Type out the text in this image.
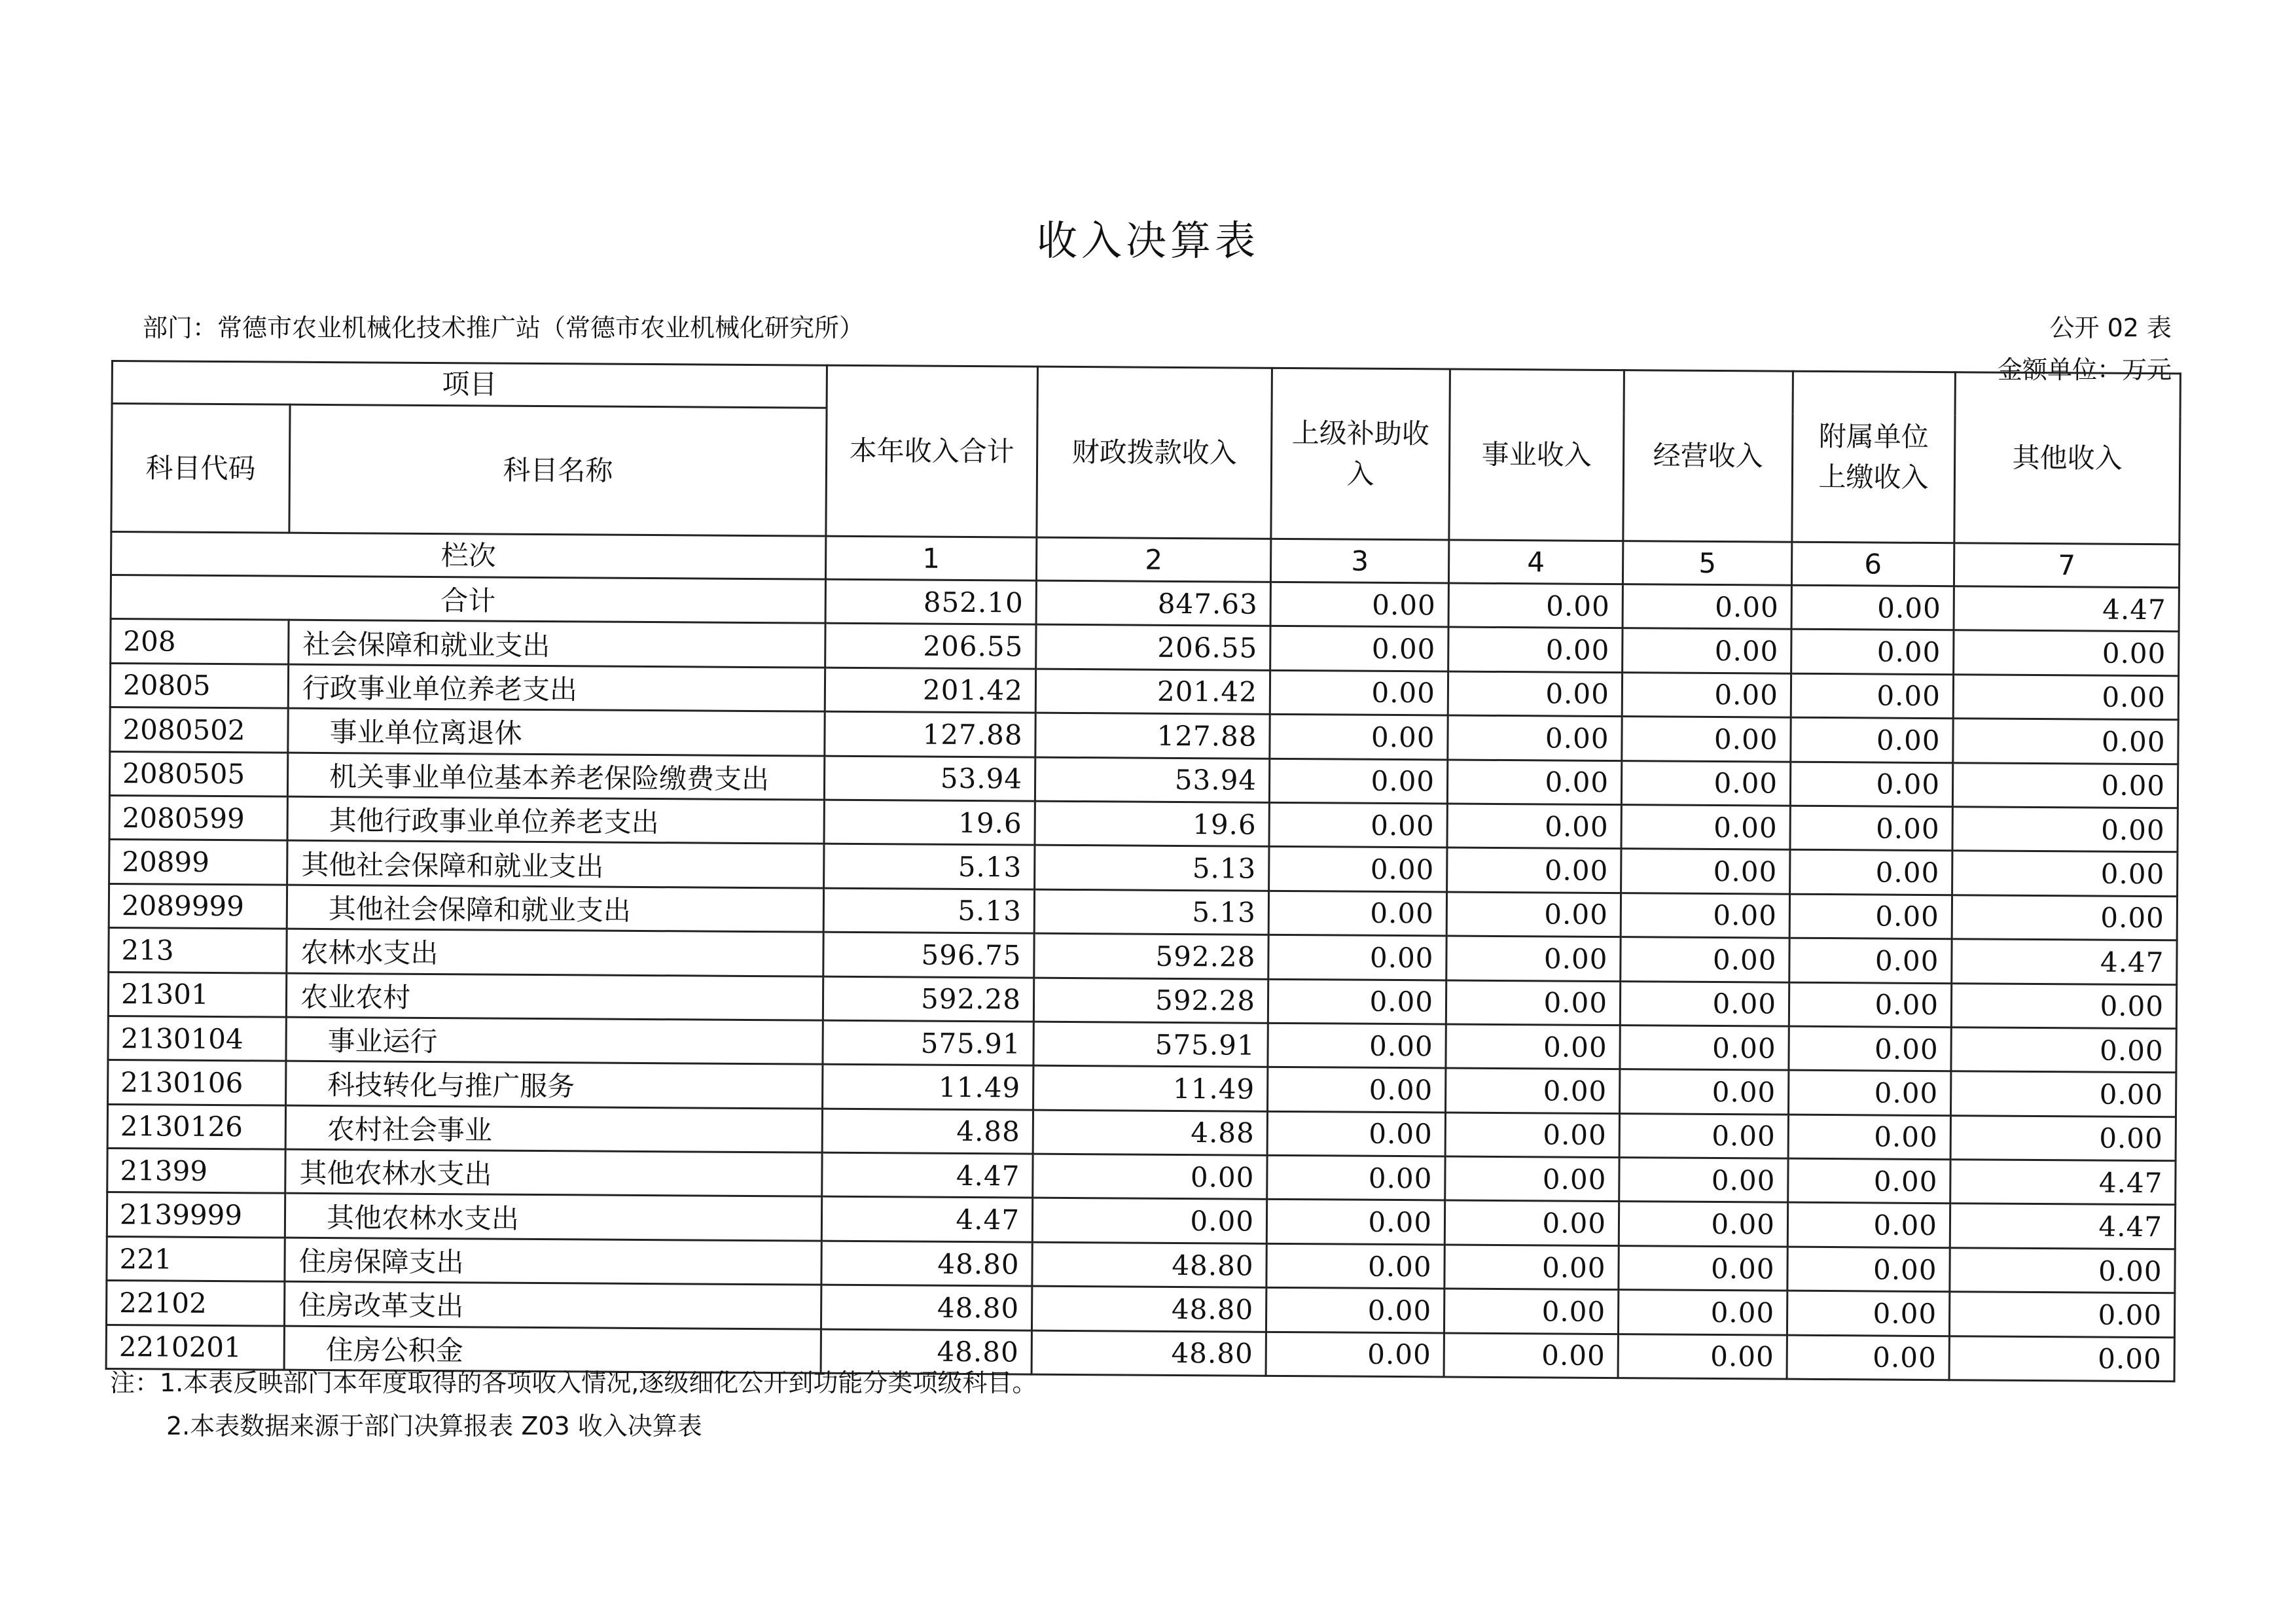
收入决算表
部门：常德市农业机械化技术推广站（常德市农业机械化研究所）	公开 02 表
金额单位：万元
项目		本年收入合计	财政拨款收入	上级补助收入	事业收入	经营收入	附属单位上缴收入	其他收入
科目代码	科目名称							
栏次		1	2	3	4	5	6	7
合计		852.10	847.63	0.00	0.00	0.00	0.00	4.47
208	社会保障和就业支出	206.55	206.55	0.00	0.00	0.00	0.00	0.00
20805	行政事业单位养老支出	201.42	201.42	0.00	0.00	0.00	0.00	0.00
2080502	事业单位离退休	127.88	127.88	0.00	0.00	0.00	0.00	0.00
2080505	机关事业单位基本养老保险缴费支出	53.94	53.94	0.00	0.00	0.00	0.00	0.00
2080599	其他行政事业单位养老支出	19.6	19.6	0.00	0.00	0.00	0.00	0.00
20899	其他社会保障和就业支出	5.13	5.13	0.00	0.00	0.00	0.00	0.00
2089999	其他社会保障和就业支出	5.13	5.13	0.00	0.00	0.00	0.00	0.00
213	农林水支出	596.75	592.28	0.00	0.00	0.00	0.00	4.47
21301	农业农村	592.28	592.28	0.00	0.00	0.00	0.00	0.00
2130104	事业运行	575.91	575.91	0.00	0.00	0.00	0.00	0.00
2130106	科技转化与推广服务	11.49	11.49	0.00	0.00	0.00	0.00	0.00
2130126	农村社会事业	4.88	4.88	0.00	0.00	0.00	0.00	0.00
21399	其他农林水支出	4.47	0.00	0.00	0.00	0.00	0.00	4.47
2139999	其他农林水支出	4.47	0.00	0.00	0.00	0.00	0.00	4.47
221	住房保障支出	48.80	48.80	0.00	0.00	0.00	0.00	0.00
22102	住房改革支出	48.80	48.80	0.00	0.00	0.00	0.00	0.00
2210201	住房公积金	48.80	48.80	0.00	0.00	0.00	0.00	0.00
注：1.本表反映部门本年度取得的各项收入情况,逐级细化公开到功能分类项级科目。
2.本表数据来源于部门决算报表 Z03 收入决算表
